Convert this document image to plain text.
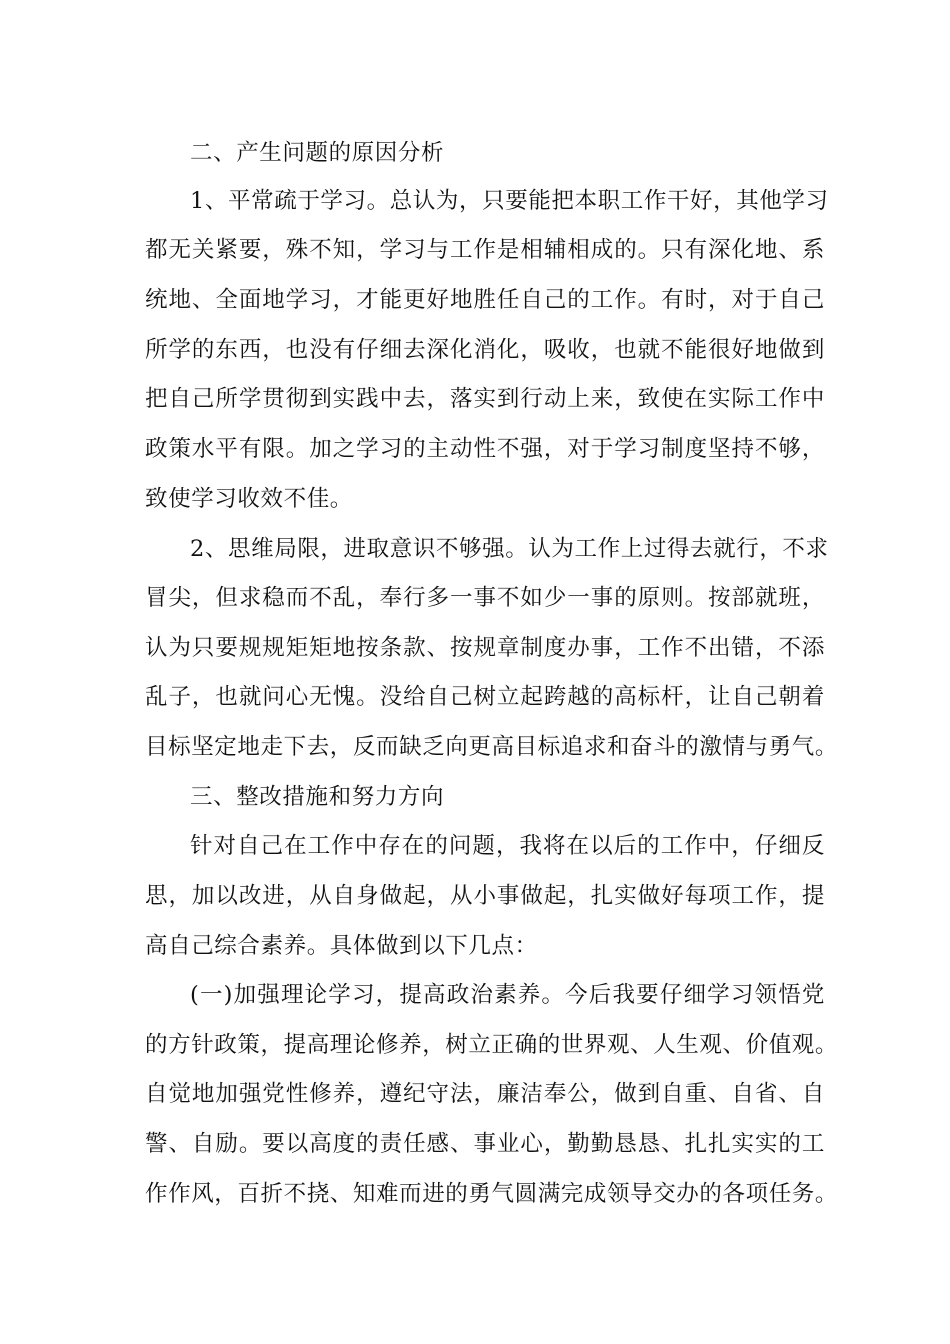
二、产生问题的原因分析
1、平常疏于学习。总认为，只要能把本职工作干好，其他学习
都无关紧要，殊不知，学习与工作是相辅相成的。只有深化地、系
统地、全面地学习，才能更好地胜任自己的工作。有时，对于自己
所学的东西，也没有仔细去深化消化，吸收，也就不能很好地做到
把自己所学贯彻到实践中去，落实到行动上来，致使在实际工作中
政策水平有限。加之学习的主动性不强，对于学习制度坚持不够，
致使学习收效不佳。
2、思维局限，进取意识不够强。认为工作上过得去就行，不求
冒尖，但求稳而不乱，奉行多一事不如少一事的原则。按部就班，
认为只要规规矩矩地按条款、按规章制度办事，工作不出错，不添
乱子，也就问心无愧。没给自己树立起跨越的高标杆，让自己朝着
目标坚定地走下去，反而缺乏向更高目标追求和奋斗的激情与勇气。
三、整改措施和努力方向
针对自己在工作中存在的问题，我将在以后的工作中，仔细反
思，加以改进，从自身做起，从小事做起，扎实做好每项工作，提
高自己综合素养。具体做到以下几点：
(一)加强理论学习，提高政治素养。今后我要仔细学习领悟党
的方针政策，提高理论修养，树立正确的世界观、人生观、价值观。
自觉地加强党性修养，遵纪守法，廉洁奉公，做到自重、自省、自
警、自励。要以高度的责任感、事业心，勤勤恳恳、扎扎实实的工
作作风，百折不挠、知难而进的勇气圆满完成领导交办的各项任务。
